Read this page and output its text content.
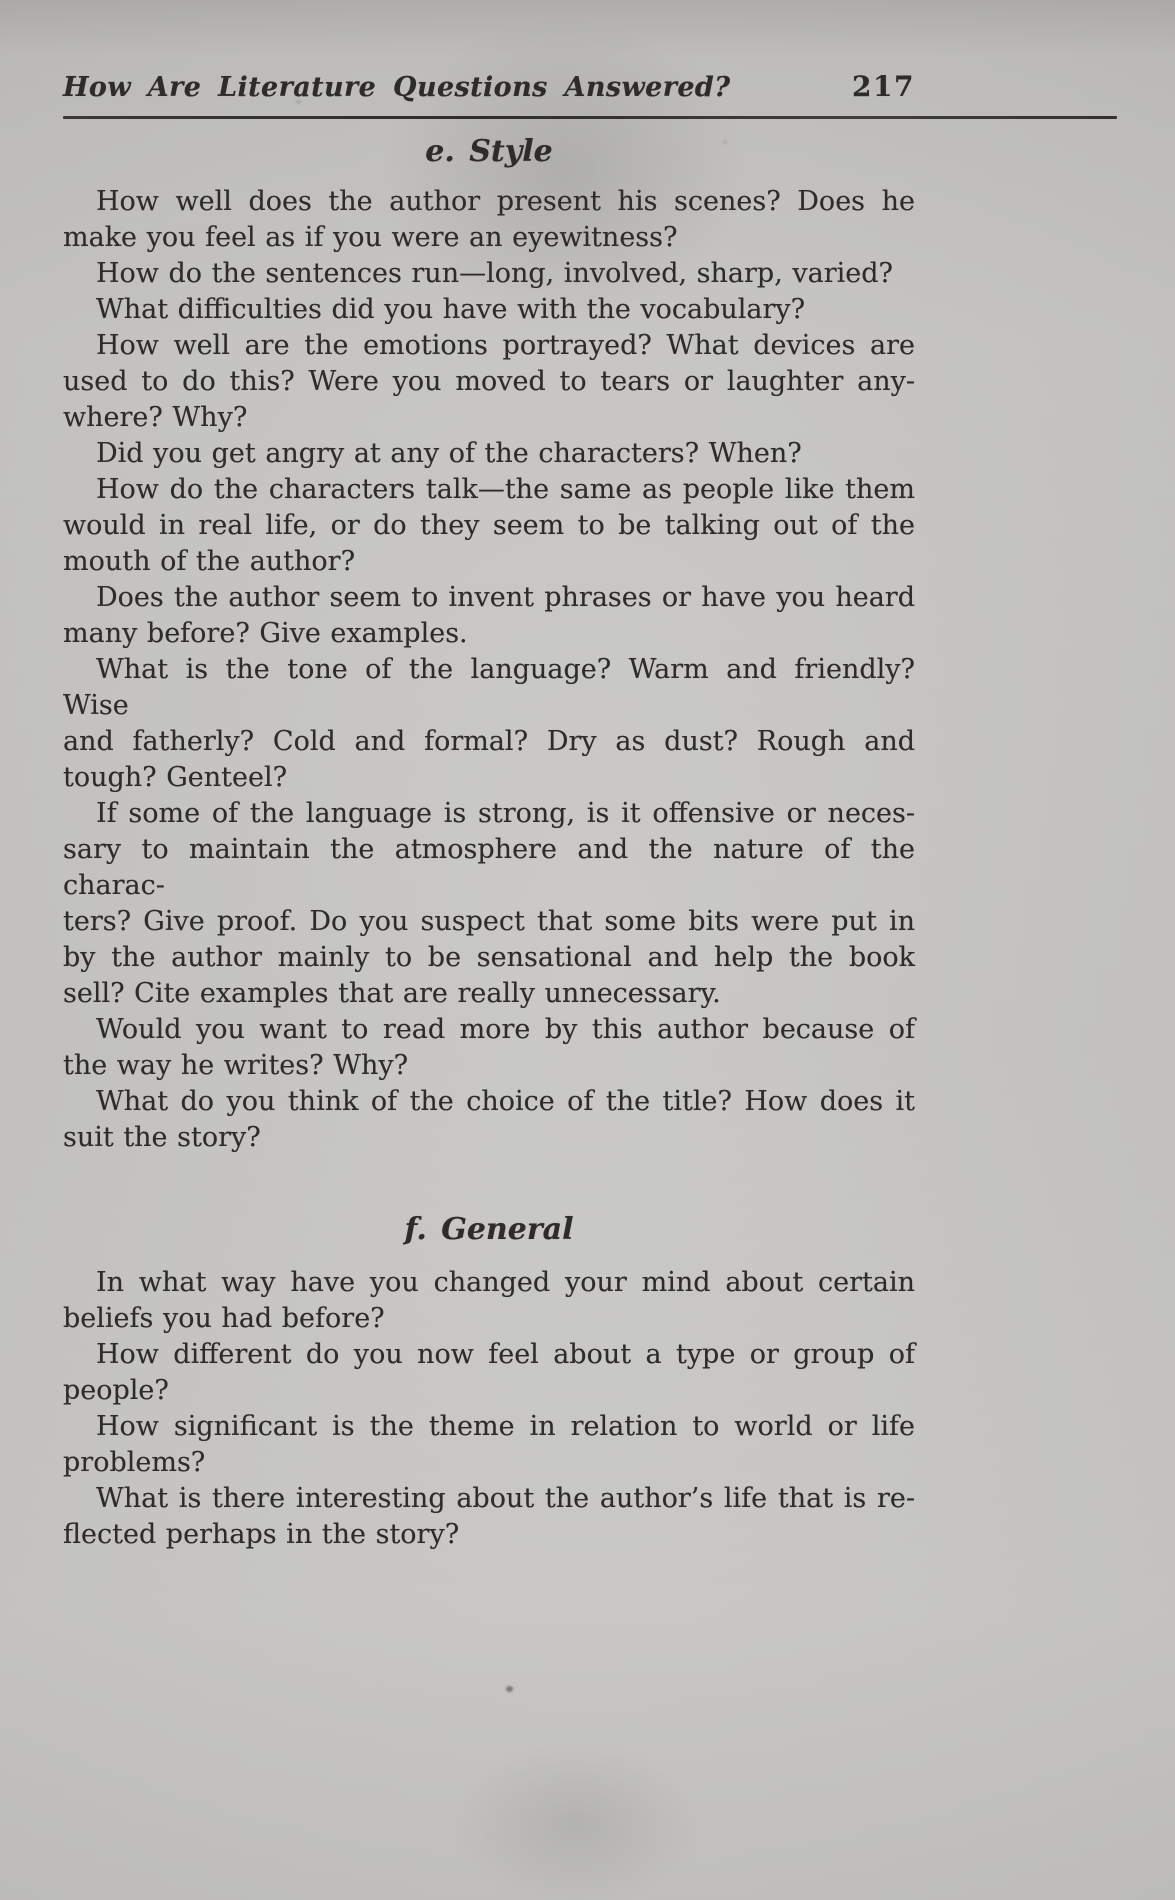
How Are Literature Questions Answered?	217
e. Style
How well does the author present his scenes? Does he
make you feel as if you were an eyewitness?
How do the sentences run—long, involved, sharp, varied?
What difficulties did you have with the vocabulary?
How well are the emotions portrayed? What devices are
used to do this? Were you moved to tears or laughter any-
where? Why?
Did you get angry at any of the characters? When?
How do the characters talk—the same as people like them
would in real life, or do they seem to be talking out of the
mouth of the author?
Does the author seem to invent phrases or have you heard
many before? Give examples.
What is the tone of the language? Warm and friendly? Wise
and fatherly? Cold and formal? Dry as dust? Rough and
tough? Genteel?
If some of the language is strong, is it offensive or neces-
sary to maintain the atmosphere and the nature of the charac-
ters? Give proof. Do you suspect that some bits were put in
by the author mainly to be sensational and help the book
sell? Cite examples that are really unnecessary.
Would you want to read more by this author because of
the way he writes? Why?
What do you think of the choice of the title? How does it
suit the story?
f. General
In what way have you changed your mind about certain
beliefs you had before?
How different do you now feel about a type or group of
people?
How significant is the theme in relation to world or life
problems?
What is there interesting about the author’s life that is re-
flected perhaps in the story?
